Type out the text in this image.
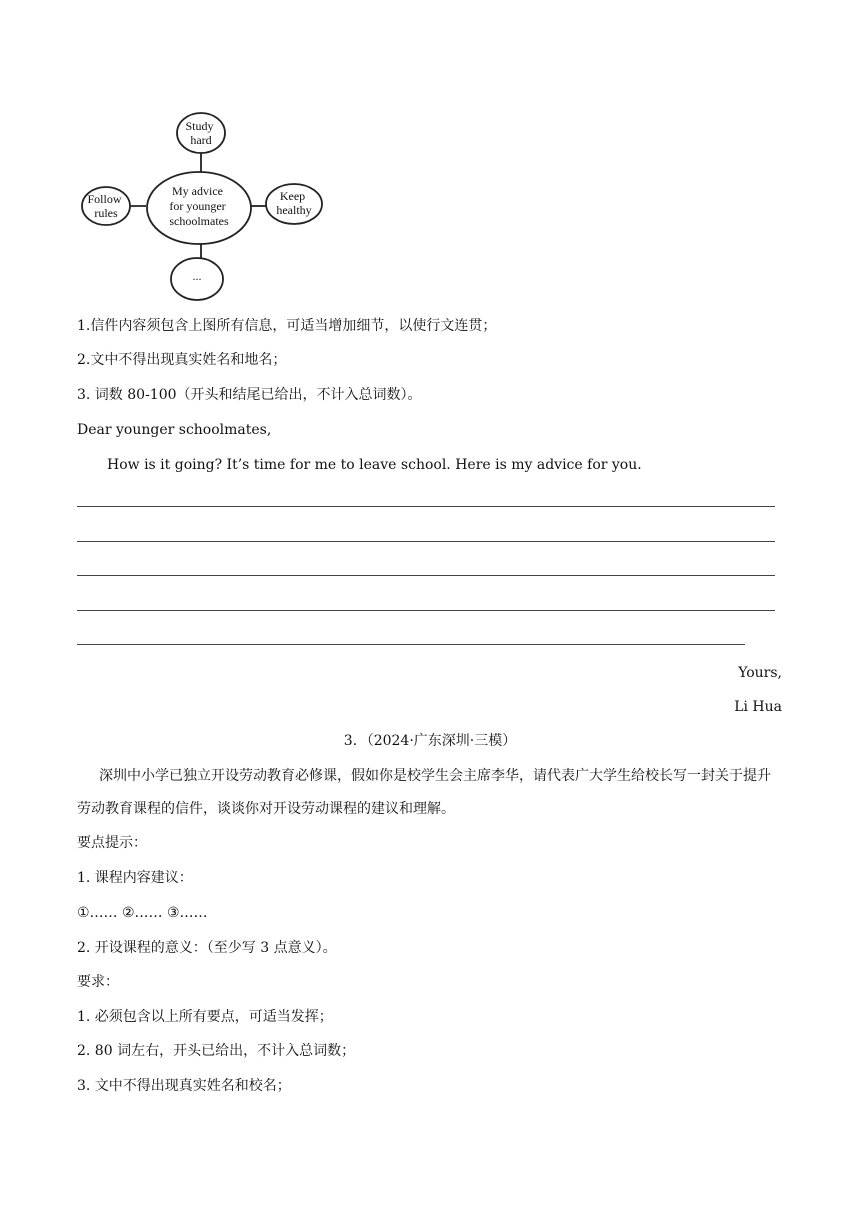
My advice for younger schoolmates
Study hard
Follow rules
Keep healthy
...
1.信件内容须包含上图所有信息，可适当增加细节，以使行文连贯；
2.文中不得出现真实姓名和地名；
3. 词数 80-100（开头和结尾已给出，不计入总词数）。
Dear younger schoolmates,
How is it going? It’s time for me to leave school. Here is my advice for you.
Yours,
Li Hua
3．（2024·广东深圳·三模）
深圳中小学已独立开设劳动教育必修课，假如你是校学生会主席李华，请代表广大学生给校长写一封关于提升劳动教育课程的信件，谈谈你对开设劳动课程的建议和理解。
要点提示：
1. 课程内容建议：
①…… ②…… ③……
2. 开设课程的意义：（至少写 3 点意义）。
要求：
1. 必须包含以上所有要点，可适当发挥；
2. 80 词左右，开头已给出，不计入总词数；
3. 文中不得出现真实姓名和校名；
